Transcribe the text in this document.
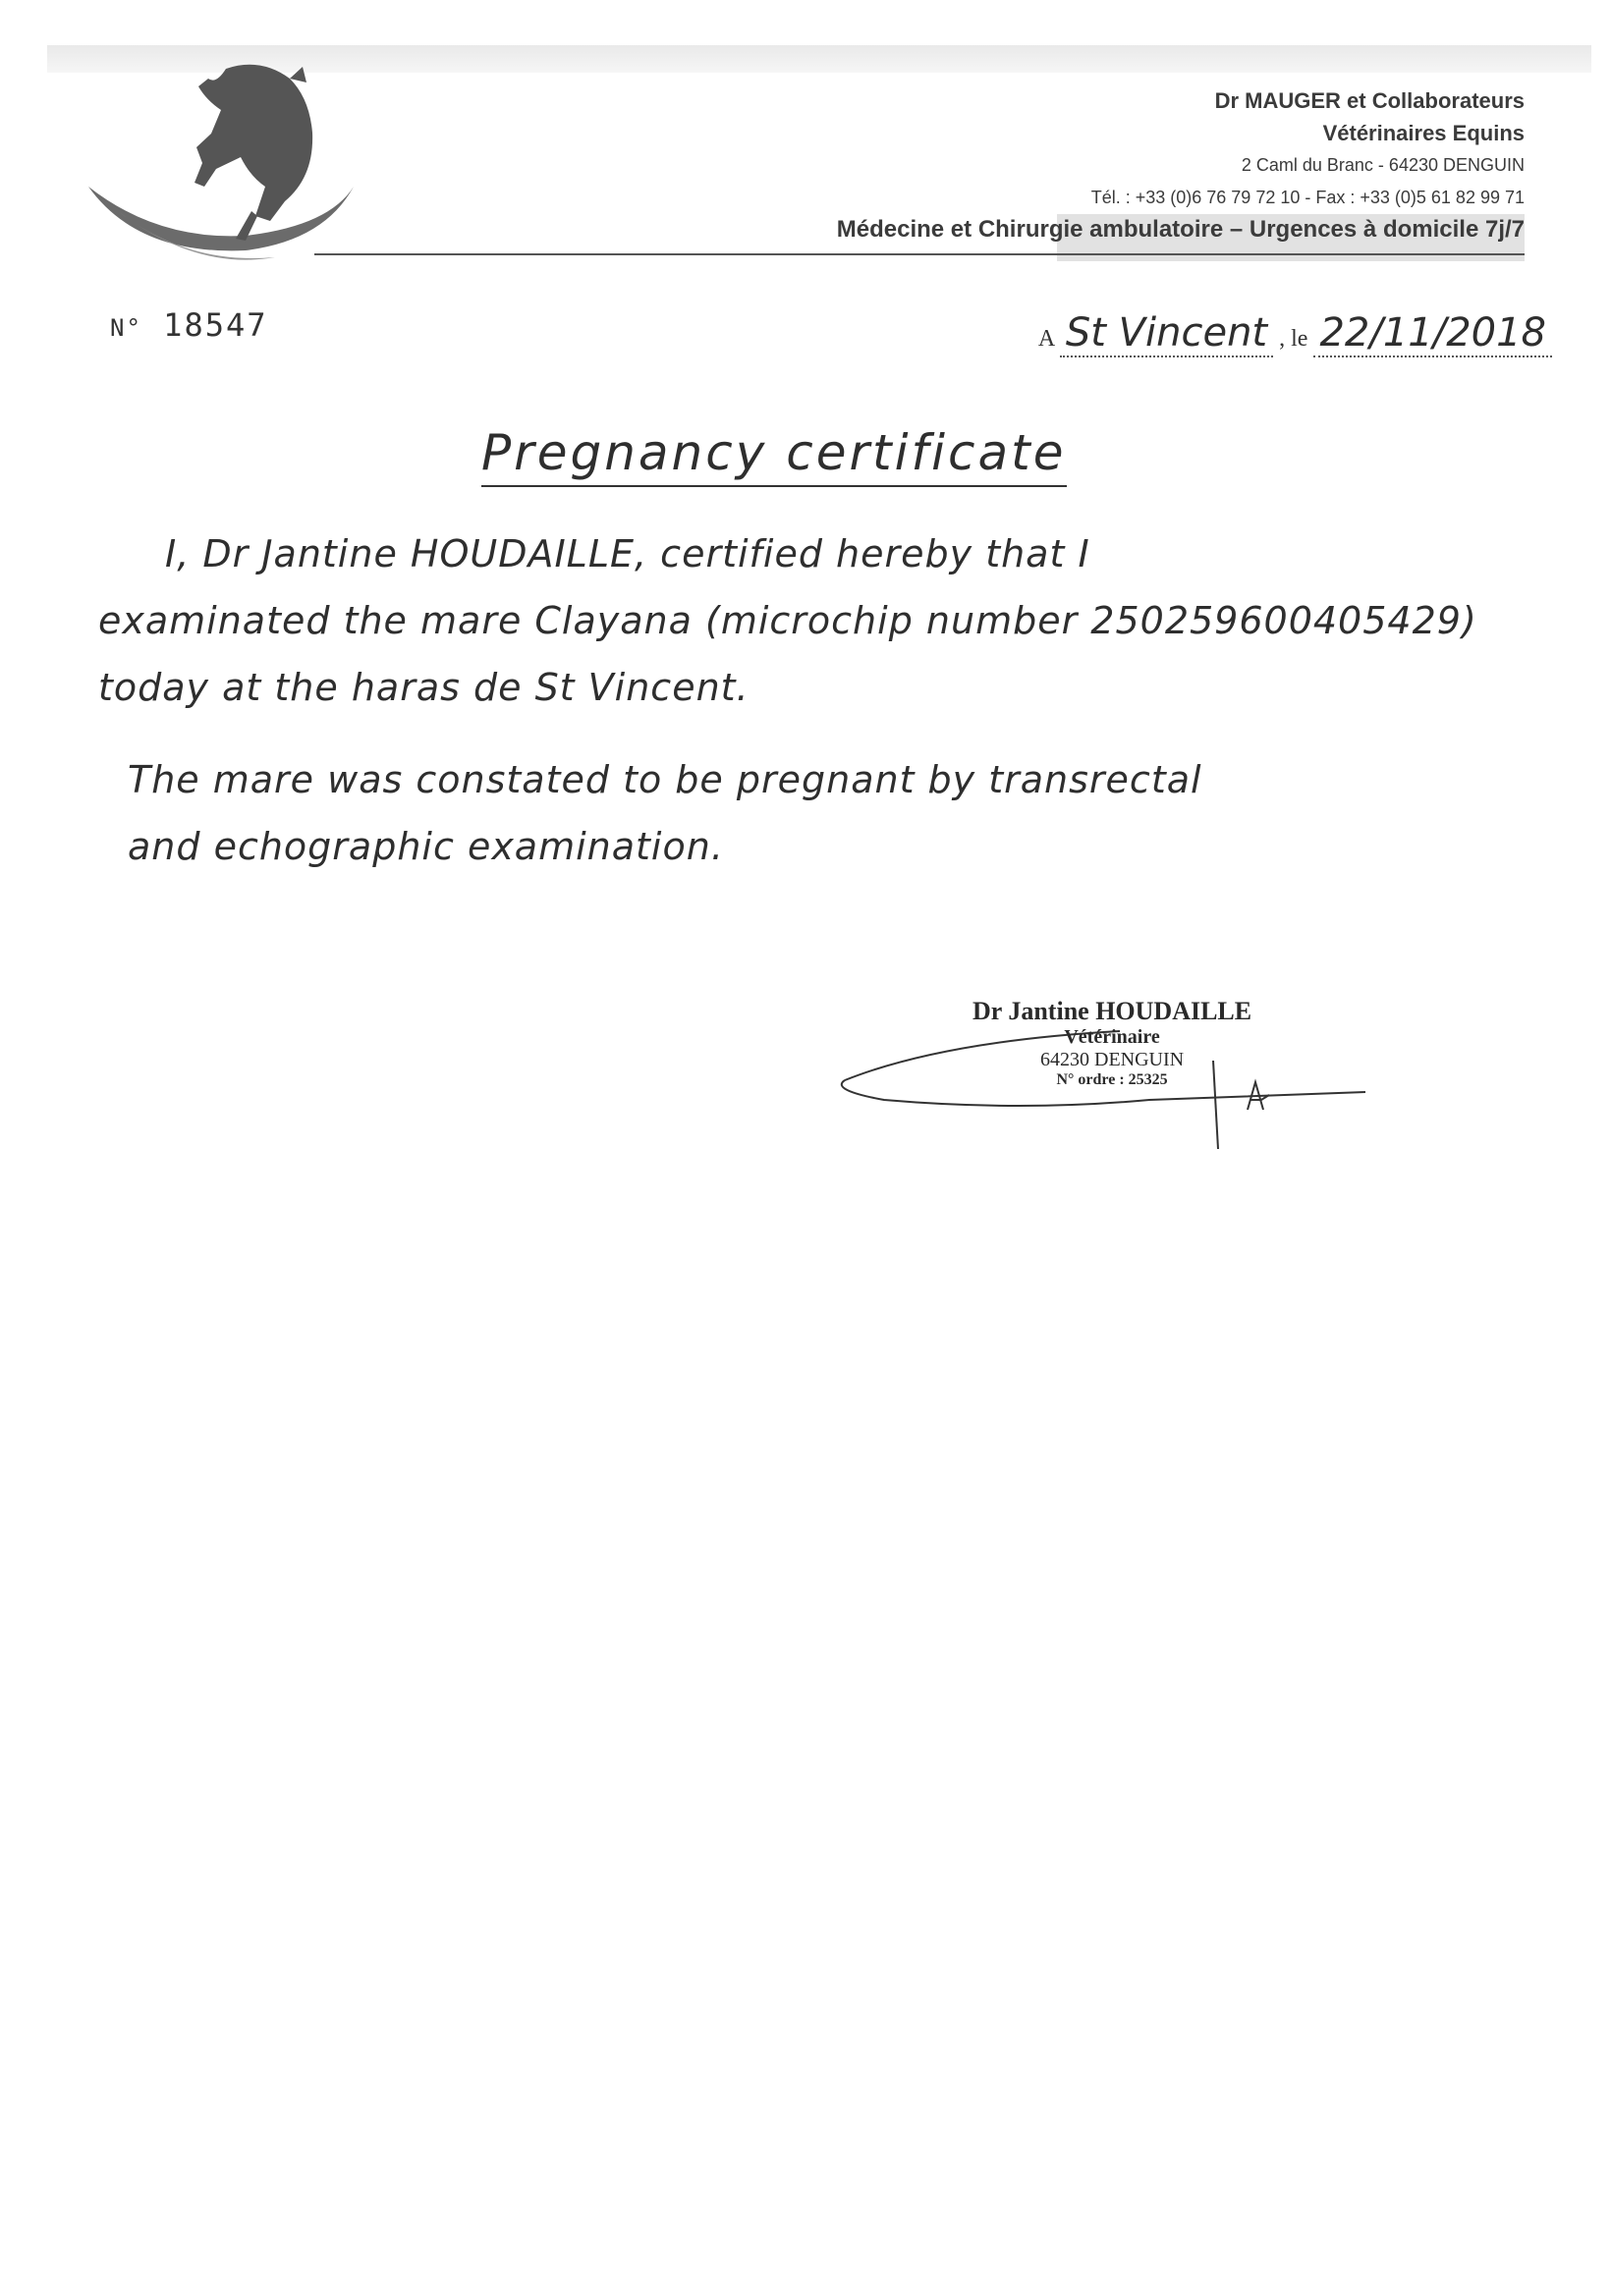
Dr MAUGER et Collaborateurs
Vétérinaires Equins
2 Caml du Branc - 64230 DENGUIN
Tél. : +33 (0)6 76 79 72 10 - Fax : +33 (0)5 61 82 99 71
Médecine et Chirurgie ambulatoire – Urgences à domicile 7j/7
N° 18547	A St Vincent , le 22/11/2018
Pregnancy certificate
I, Dr Jantine HOUDAILLE, certified hereby that I
examinated the mare Clayana (microchip number 250259600405429)
today at the haras de St Vincent.
The mare was constated to be pregnant by transrectal
and echographic examination.
Dr Jantine HOUDAILLE
Vétérinaire
64230 DENGUIN
N° ordre : 25325
